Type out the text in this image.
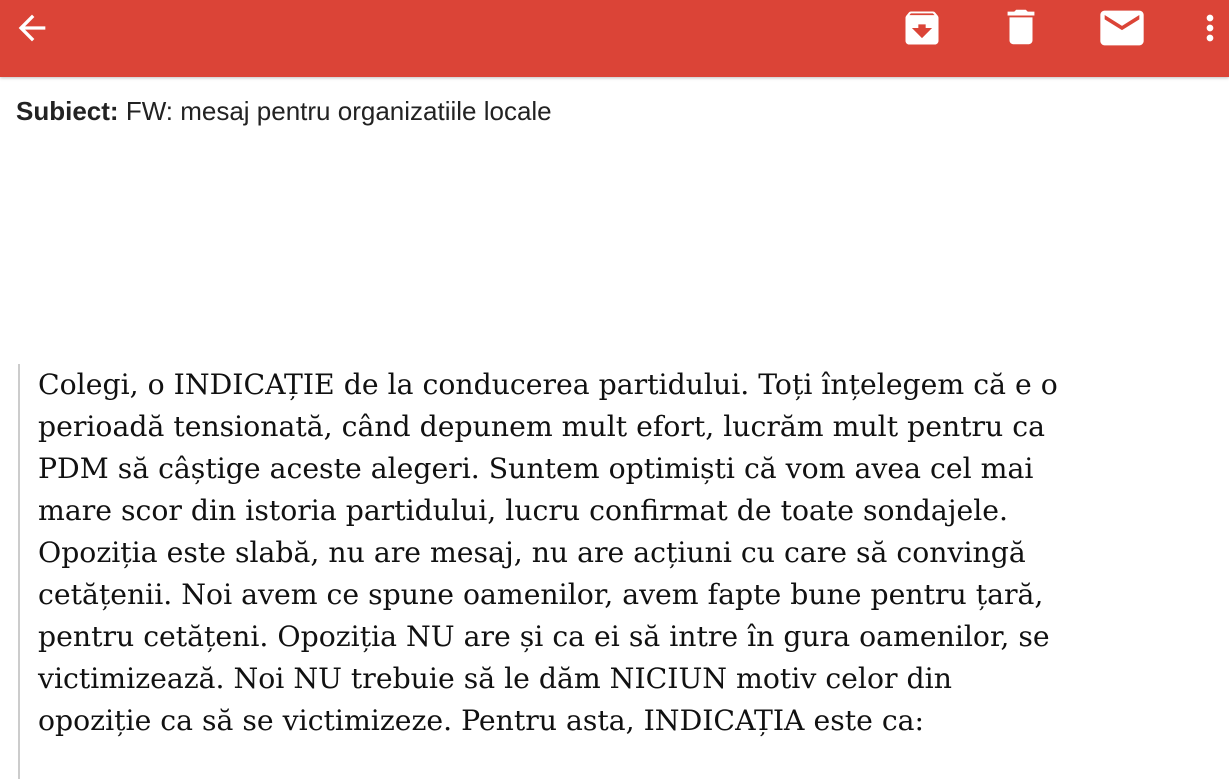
Subiect: FW: mesaj pentru organizatiile locale
Colegi, o INDICAȚIE de la conducerea partidului. Toți înțelegem că e o
perioadă tensionată, când depunem mult efort, lucrăm mult pentru ca
PDM să câștige aceste alegeri. Suntem optimiști că vom avea cel mai
mare scor din istoria partidului, lucru confirmat de toate sondajele.
Opoziția este slabă, nu are mesaj, nu are acțiuni cu care să convingă
cetățenii. Noi avem ce spune oamenilor, avem fapte bune pentru țară,
pentru cetățeni. Opoziția NU are și ca ei să intre în gura oamenilor, se
victimizează. Noi NU trebuie să le dăm NICIUN motiv celor din
opoziție ca să se victimizeze. Pentru asta, INDICAȚIA este ca:
